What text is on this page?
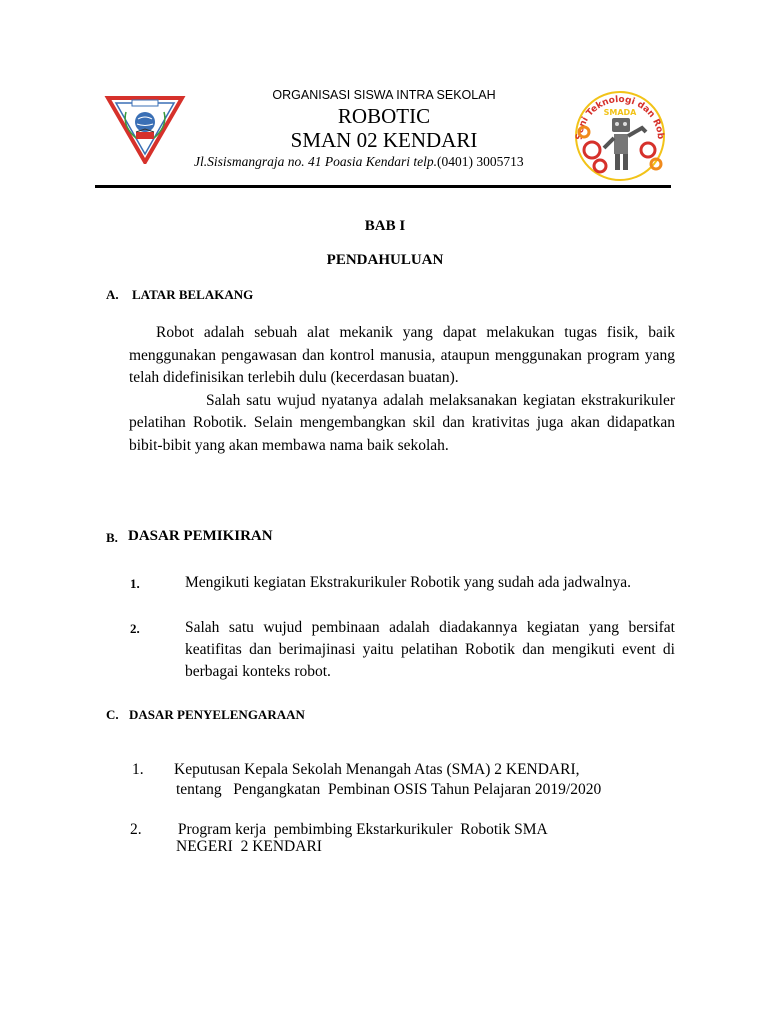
ORGANISASI SISWA INTRA SEKOLAH
ROBOTIC
SMAN 02 KENDARI
Jl.Sisismangraja no. 41 Poasia Kendari telp.(0401) 3005713
Seni Teknologi dan Rob
SMADA
BAB I
PENDAHULUAN
A. LATAR BELAKANG

Robot adalah sebuah alat mekanik yang dapat melakukan tugas fisik, baik menggunakan pengawasan dan kontrol manusia, ataupun menggunakan program yang telah didefinisikan terlebih dulu (kecerdasan buatan).

Salah satu wujud nyatanya adalah melaksanakan kegiatan ekstrakurikuler pelatihan Robotik. Selain mengembangkan skil dan krativitas juga akan didapatkan bibit-bibit yang akan membawa nama baik sekolah.

B. DASAR PEMIKIRAN
1.	Mengikuti kegiatan Ekstrakurikuler Robotik yang sudah ada jadwalnya.
2.	Salah satu wujud pembinaan adalah diadakannya kegiatan yang bersifat keatifitas dan berimajinasi yaitu pelatihan Robotik dan mengikuti event di berbagai konteks robot.
C. DASAR PENYELENGARAAN
1. Keputusan Kepala Sekolah Menangah Atas (SMA) 2 KENDARI,
tentang   Pengangkatan  Pembinan OSIS Tahun Pelajaran 2019/2020
2. Program kerja  pembimbing Ekstarkurikuler  Robotik SMA
NEGERI  2 KENDARI
